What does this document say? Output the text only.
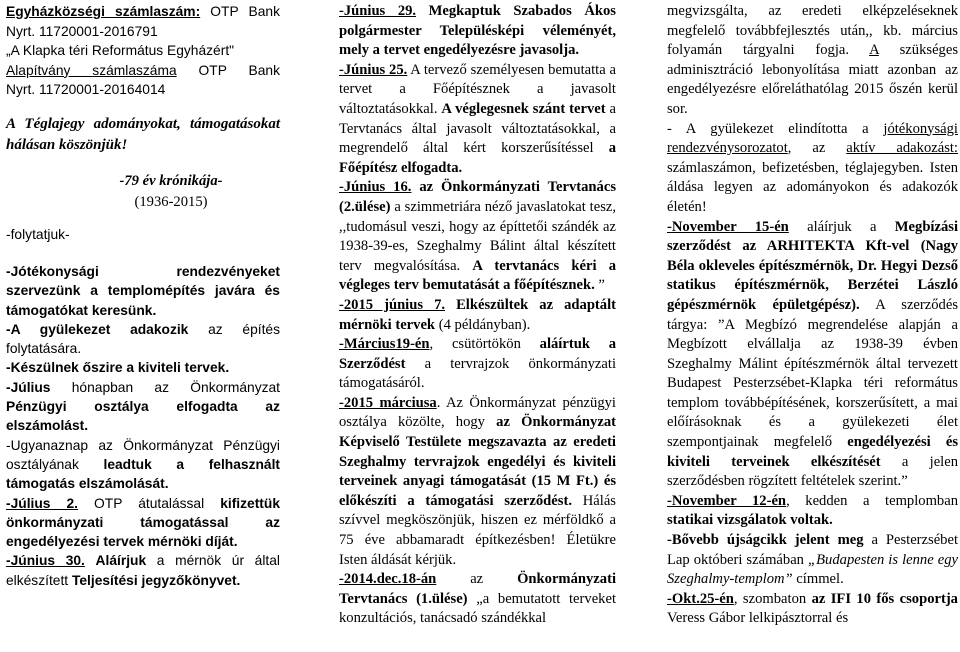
Egyházközségi számlaszám: OTP Bank

Nyrt. 11720001-2016791

„A Klapka téri Református Egyházért"

Alapítvány számlaszáma OTP Bank

Nyrt. 11720001-20164014

A Téglajegy adományokat, támogatásokat hálásan köszönjük!

-79 év krónikája-
(1936-2015)
-folytatjuk-

-Jótékonysági rendezvényeket szervezünk a templomépítés javára és támogatókat keresünk.

-A gyülekezet adakozik az építés folytatására.

-Készülnek őszire a kiviteli tervek.

-Július hónapban az Önkormányzat Pénzügyi osztálya elfogadta az elszámolást.

-Ugyanaznap az Önkormányzat Pénzügyi osztályának leadtuk a felhasznált támogatás elszámolását.

-Július 2. OTP átutalással kifizettük önkormányzati támogatással az engedélyezési tervek mérnöki díját.

-Június 30. Aláírjuk a mérnök úr által elkészített Teljesítési jegyzőkönyvet.

-Június 29. Megkaptuk Szabados Ákos polgármester Településképi véleményét, mely a tervet engedélyezésre javasolja.

-Június 25. A tervező személyesen bemutatta a tervet a Főépítésznek a javasolt változtatásokkal. A véglegesnek szánt tervet a Tervtanács által javasolt változtatásokkal, a megrendelő által kért korszerűsítéssel a Főépítész elfogadta.

-Június 16. az Önkormányzati Tervtanács (2.ülése) a szimmetriára néző javaslatokat tesz, ,,tudomásul veszi, hogy az építtetői szándék az 1938-39-es, Szeghalmy Bálint által készített terv megvalósítása. A tervtanács kéri a végleges terv bemutatását a főépítésznek. ”

-2015 június 7. Elkészültek az adaptált mérnöki tervek (4 példányban).

-Március19-én, csütörtökön aláírtuk a Szerződést a tervrajzok önkormányzati támogatásáról.

-2015 márciusa. Az Önkormányzat pénzügyi osztálya közölte, hogy az Önkormányzat Képviselő Testülete megszavazta az eredeti Szeghalmy tervrajzok engedélyi és kiviteli terveinek anyagi támogatását (15 M Ft.) és előkészíti a támogatási szerződést. Hálás szívvel megköszönjük, hiszen ez mérföldkő a 75 éve abbamaradt építkezésben! Életükre Isten áldását kérjük.

-2014.dec.18-án az Önkormányzati Tervtanács (1.ülése) „a bemutatott terveket konzultációs, tanácsadó szándékkal

megvizsgálta, az eredeti elképzeléseknek megfelelő továbbfejlesztés után,, kb. március folyamán tárgyalni fogja. A szükséges adminisztráció lebonyolítása miatt azonban az engedélyezésre előreláthatólag 2015 őszén kerül sor.

- A gyülekezet elindította a jótékonysági rendezvénysorozatot, az aktív adakozást: számlaszámon, befizetésben, téglajegyben. Isten áldása legyen az adományokon és adakozók életén!

-November 15-én aláírjuk a Megbízási szerződést az ARHITEKTA Kft-vel (Nagy Béla okleveles építészmérnök, Dr. Hegyi Dezső statikus építészmérnök, Berzétei László gépészmérnök épületgépész). A szerződés tárgya: ”A Megbízó megrendelése alapján a Megbízott elvállalja az 1938-39 évben Szeghalmy Málint építészmérnök által tervezett Budapest Pesterzsébet-Klapka téri református templom továbbépítésének, korszerűsített, a mai előírásoknak és a gyülekezeti élet szempontjainak megfelelő engedélyezési és kiviteli terveinek elkészítését a jelen szerződésben rögzített feltételek szerint.”

-November 12-én, kedden a templomban statikai vizsgálatok voltak.

-Bővebb újságcikk jelent meg a Pesterzsébet Lap októberi számában „Budapesten is lenne egy Szeghalmy-templom” címmel.

-Okt.25-én, szombaton az IFI 10 fős csoportja Veress Gábor lelkipásztorral és
